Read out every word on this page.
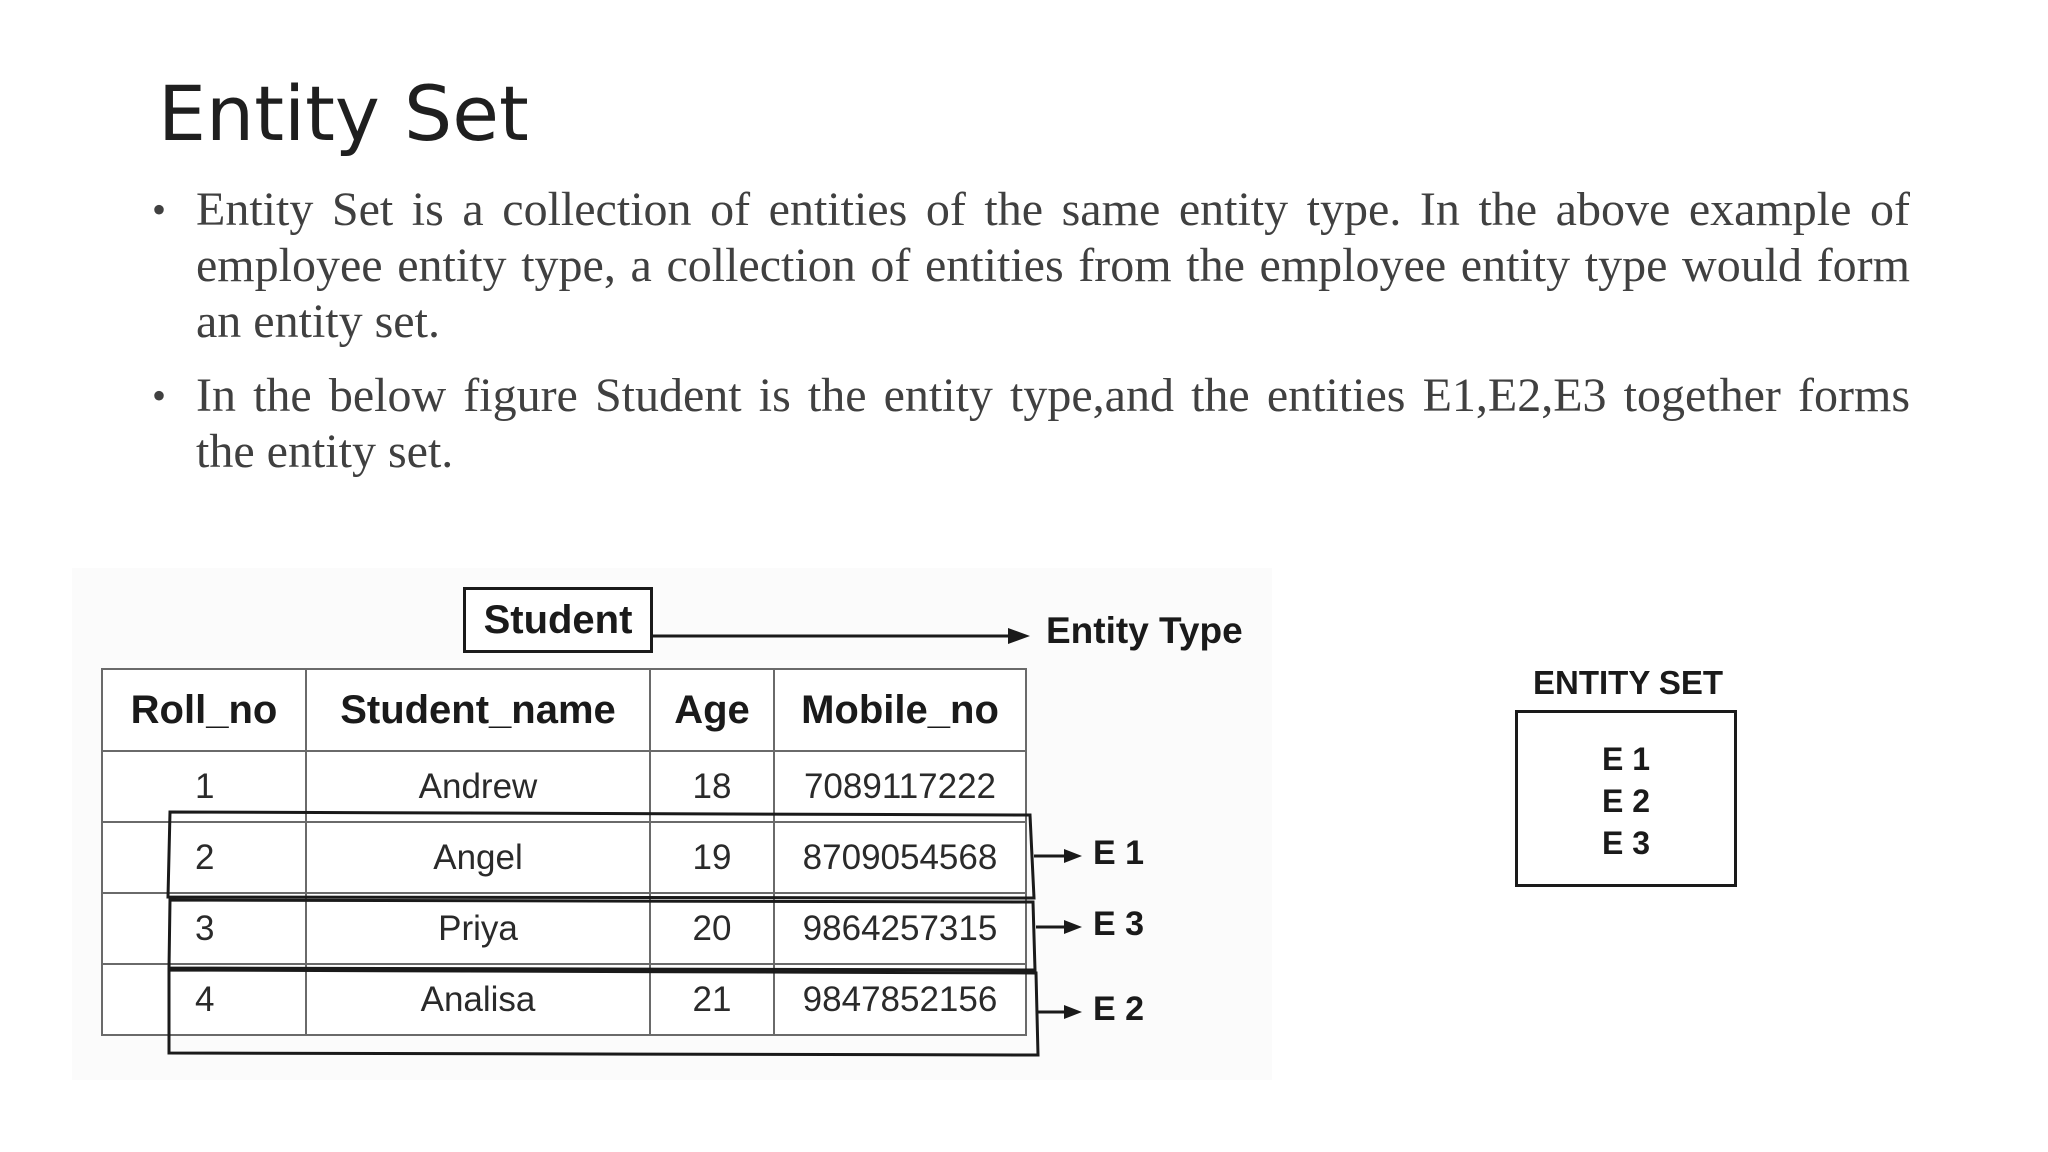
Entity Set

• Entity Set is a collection of entities of the same entity type. In the above example of employee entity type, a collection of entities from the employee entity type would form an entity set.

• In the below figure Student is the entity type,and the entities E1,E2,E3 together forms the entity set.

Student	Entity Type
Roll_no	Student_name	Age	Mobile_no
1	Andrew	18	7089117222
2	Angel	19	8709054568
3	Priya	20	9864257315
4	Analisa	21	9847852156
E 1
E 3
E 2
ENTITY SET
E 1
E 2
E 3
